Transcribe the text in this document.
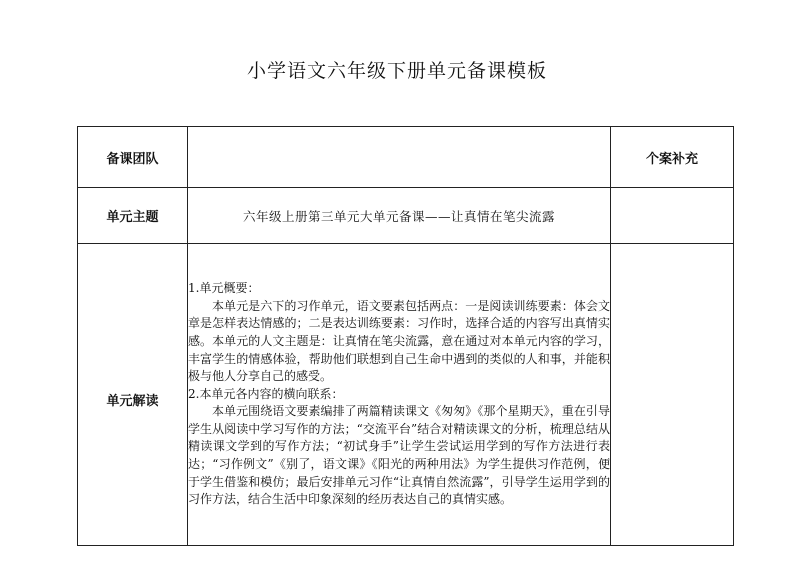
小学语文六年级下册单元备课模板
备课团队		个案补充
单元主题	六年级上册第三单元大单元备课——让真情在笔尖流露	
单元解读	1.单元概要：

本单元是六下的习作单元，语文要素包括两点：一是阅读训练要素：体会文章是怎样表达情感的；二是表达训练要素：习作时，选择合适的内容写出真情实感。本单元的人文主题是：让真情在笔尖流露，意在通过对本单元内容的学习，丰富学生的情感体验，帮助他们联想到自己生命中遇到的类似的人和事，并能积极与他人分享自己的感受。

2.本单元各内容的横向联系：

本单元围绕语文要素编排了两篇精读课文《匆匆》《那个星期天》，重在引导学生从阅读中学习写作的方法；“交流平台”结合对精读课文的分析，梳理总结从精读课文学到的写作方法；“初试身手”让学生尝试运用学到的写作方法进行表达；“习作例文”《别了，语文课》《阳光的两种用法》为学生提供习作范例，便于学生借鉴和模仿；最后安排单元习作“让真情自然流露”，引导学生运用学到的习作方法，结合生活中印象深刻的经历表达自己的真情实感。	
